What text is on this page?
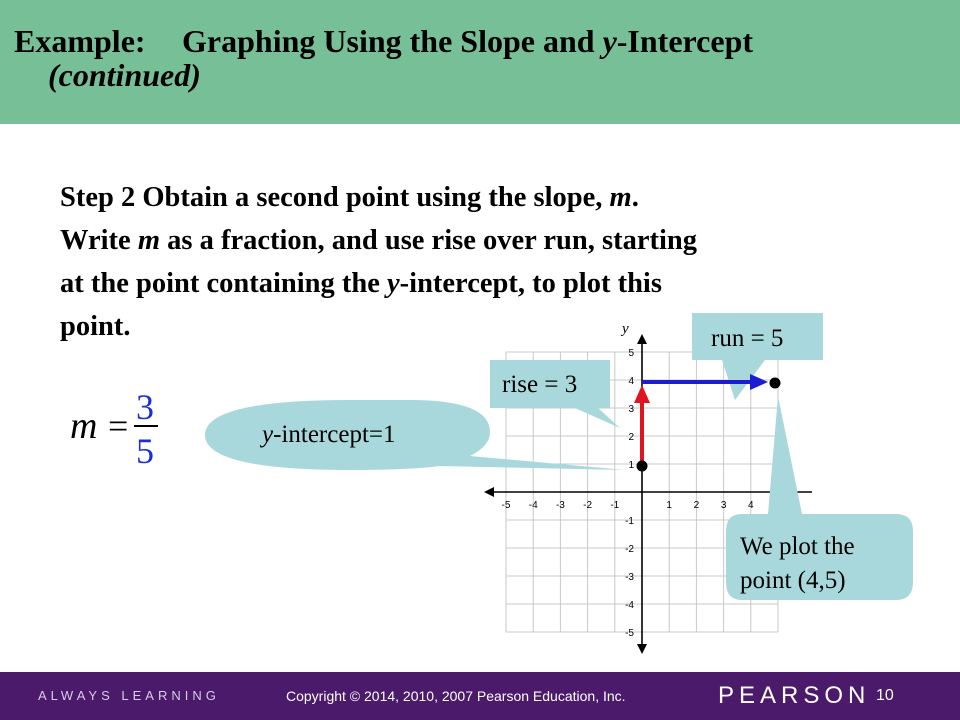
Example: Graphing Using the Slope and y-Intercept
(continued)
Step 2 Obtain a second point using the slope, m.
Write m as a fraction, and use rise over run, starting
at the point containing the y-intercept, to plot this
point.
m = 3
5
y
-5 -4 -3 -2 -1	1 2 3 4
5
4
3
2
1
-1
-2
-3
-4
-5
y-intercept=1
rise = 3
run = 5
We plot the
point (4,5)
ALWAYS LEARNING	Copyright © 2014, 2010, 2007 Pearson Education, Inc.	PEARSON 10
